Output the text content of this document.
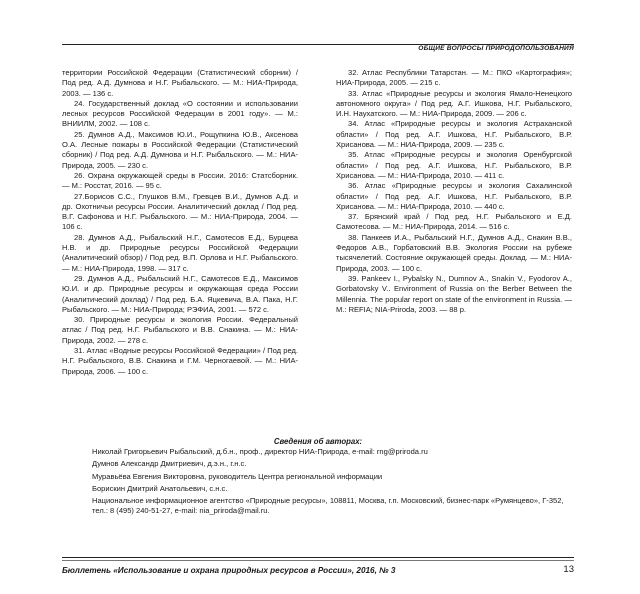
ОБЩИЕ ВОПРОСЫ ПРИРОДОПОЛЬЗОВАНИЯ

территории Российской Федерации (Статистический сборник) / Под ред. А.Д. Думнова и Н.Г. Рыбальского. — М.: НИА-Природа, 2003. — 136 с.

24. Государственный доклад «О состоянии и использовании лесных ресурсов Российской Федерации в 2001 году». — М.: ВНИИЛМ, 2002. — 108 с.

25. Думнов А.Д., Максимов Ю.И., Рощупкина Ю.В., Аксенова О.А. Лесные пожары в Российской Федерации (Статистический сборник) / Под ред. А.Д. Думнова и Н.Г. Рыбальского. — М.: НИА-Природа, 2005. — 230 с.

26. Охрана окружающей среды в России. 2016: Статсборник. — М.: Росстат, 2016. — 95 с.

27.Борисов С.С., Глушков В.М., Гревцев В.И., Думнов А.Д. и др. Охотничьи ресурсы России. Аналитический доклад / Под ред. В.Г. Сафонова и Н.Г. Рыбальского. — М.: НИА-Природа, 2004. — 106 с.

28. Думнов А.Д., Рыбальский Н.Г., Самотесов Е.Д., Бурцева Н.В. и др. Природные ресурсы Российской Федерации (Аналитический обзор) / Под ред. В.П. Орлова и Н.Г. Рыбальского. — М.: НИА-Природа, 1998. — 317 с.

29. Думнов А.Д., Рыбальский Н.Г., Самотесов Е.Д., Максимов Ю.И. и др. Природные ресурсы и окружающая среда России (Аналитический доклад) / Под ред. Б.А. Яцкевича, В.А. Пака, Н.Г. Рыбальского. — М.: НИА-Природа; РЭФИА, 2001. — 572 с.

30. Природные ресурсы и экология России. Федеральный атлас / Под ред. Н.Г. Рыбальского и В.В. Снакина. — М.: НИА-Природа, 2002. — 278 с.

31. Атлас «Водные ресурсы Российской Федерации» / Под ред. Н.Г. Рыбальского, В.В. Снакина и Г.М. Черногаевой. — М.: НИА-Природа, 2006. — 100 с.

32. Атлас Республики Татарстан. — М.: ПКО «Картография»; НИА-Природа, 2005. — 215 с.

33. Атлас «Природные ресурсы и экология Ямало-Ненецкого автономного округа» / Под ред. А.Г. Ишкова, Н.Г. Рыбальского, И.Н. Наухатского. — М.: НИА-Природа, 2009. — 206 с.

34. Атлас «Природные ресурсы и экология Астраханской области» / Под ред. А.Г. Ишкова, Н.Г. Рыбальского, В.Р. Хрисанова. — М.: НИА-Природа, 2009. — 235 с.

35. Атлас «Природные ресурсы и экология Оренбургской области» / Под ред. А.Г. Ишкова, Н.Г. Рыбальского, В.Р. Хрисанова. — М.: НИА-Природа, 2010. — 411 с.

36. Атлас «Природные ресурсы и экология Сахалинской области» / Под ред. А.Г. Ишкова, Н.Г. Рыбальского, В.Р. Хрисанова. — М.: НИА-Природа, 2010. — 440 с.

37. Брянский край / Под ред. Н.Г. Рыбальского и Е.Д. Самотесова. — М.: НИА-Природа, 2014. — 516 с.

38. Панкеев И.А., Рыбальский Н.Г., Думнов А.Д., Снакин В.В., Федоров А.В., Горбатовский В.В. Экология России на рубеже тысячелетий. Состояние окружающей среды. Доклад. — М.: НИА-Природа, 2003. — 100 с.

39. Pankeev I., Pybalsky N., Dumnov A., Snakin V., Fyodorov A., Gorbatovsky V.. Environment of Russia on the Berber Between the Millennia. The popular report on state of the environment in Russia. — M.: REFIA; NIA-Priroda, 2003. — 88 p.

Сведения об авторах:

Николай Григорьевич Рыбальский, д.б.н., проф., директор НИА-Природа, e-mail: rng@priroda.ru

Думнов Александр Дмитриевич, д.э.н., г.н.с.

Муравьёва Евгения Викторовна, руководитель Центра региональной информации

Борискин Дмитрий Анатольевич, с.н.с.

Национальное информационное агентство «Природные ресурсы», 108811, Москва, г.п. Московский, бизнес-парк «Румянцево», Г-352, тел.: 8 (495) 240-51-27, e-mail: nia_priroda@mail.ru.

Бюллетень «Использование и охрана природных ресурсов в России», 2016, № 3	13
